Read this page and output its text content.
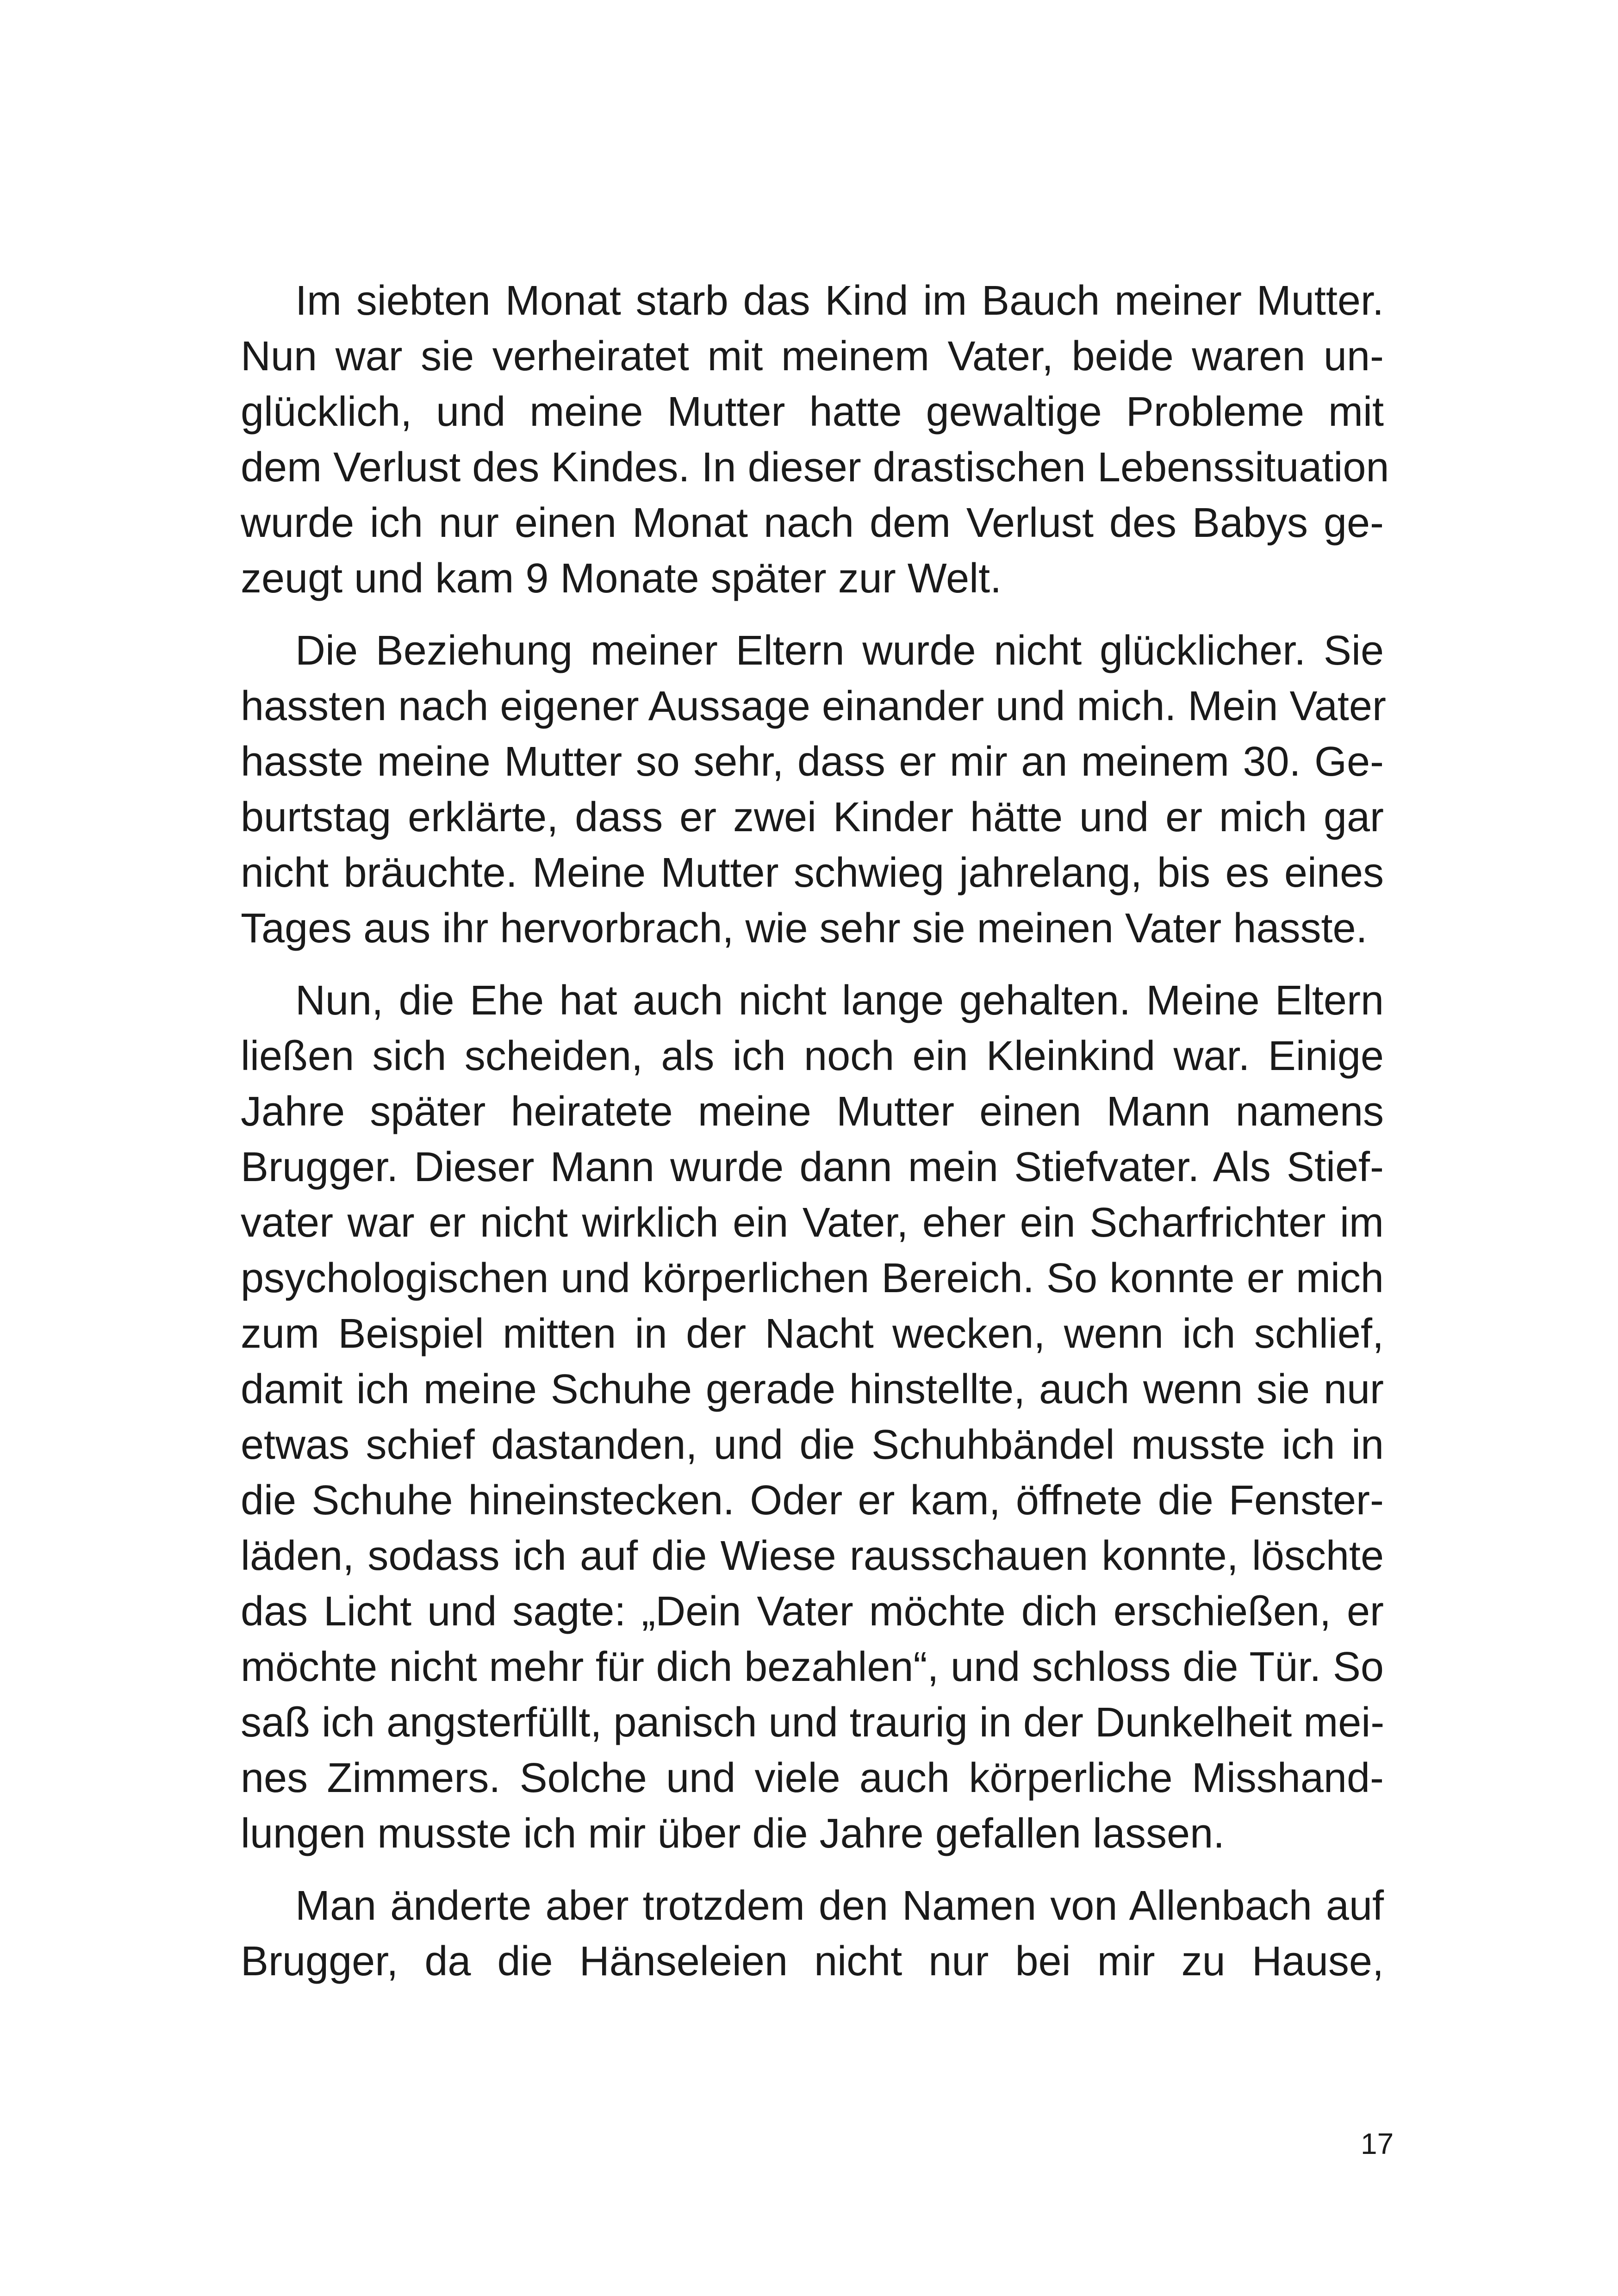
Im siebten Monat starb das Kind im Bauch meiner Mutter.
Nun war sie verheiratet mit meinem Vater, beide waren un-
glücklich, und meine Mutter hatte gewaltige Probleme mit
dem Verlust des Kindes. In dieser drastischen Lebenssituation
wurde ich nur einen Monat nach dem Verlust des Babys ge-
zeugt und kam 9 Monate später zur Welt.

Die Beziehung meiner Eltern wurde nicht glücklicher. Sie
hassten nach eigener Aussage einander und mich. Mein Vater
hasste meine Mutter so sehr, dass er mir an meinem 30. Ge-
burtstag erklärte, dass er zwei Kinder hätte und er mich gar
nicht bräuchte. Meine Mutter schwieg jahrelang, bis es eines
Tages aus ihr hervorbrach, wie sehr sie meinen Vater hasste.

Nun, die Ehe hat auch nicht lange gehalten. Meine Eltern
ließen sich scheiden, als ich noch ein Kleinkind war. Einige
Jahre später heiratete meine Mutter einen Mann namens
Brugger. Dieser Mann wurde dann mein Stiefvater. Als Stief-
vater war er nicht wirklich ein Vater, eher ein Scharfrichter im
psychologischen und körperlichen Bereich. So konnte er mich
zum Beispiel mitten in der Nacht wecken, wenn ich schlief,
damit ich meine Schuhe gerade hinstellte, auch wenn sie nur
etwas schief dastanden, und die Schuhbändel musste ich in
die Schuhe hineinstecken. Oder er kam, öffnete die Fenster-
läden, sodass ich auf die Wiese rausschauen konnte, löschte
das Licht und sagte: „Dein Vater möchte dich erschießen, er
möchte nicht mehr für dich bezahlen“, und schloss die Tür. So
saß ich angsterfüllt, panisch und traurig in der Dunkelheit mei-
nes Zimmers. Solche und viele auch körperliche Misshand-
lungen musste ich mir über die Jahre gefallen lassen.

Man änderte aber trotzdem den Namen von Allenbach auf
Brugger, da die Hänseleien nicht nur bei mir zu Hause,

17
